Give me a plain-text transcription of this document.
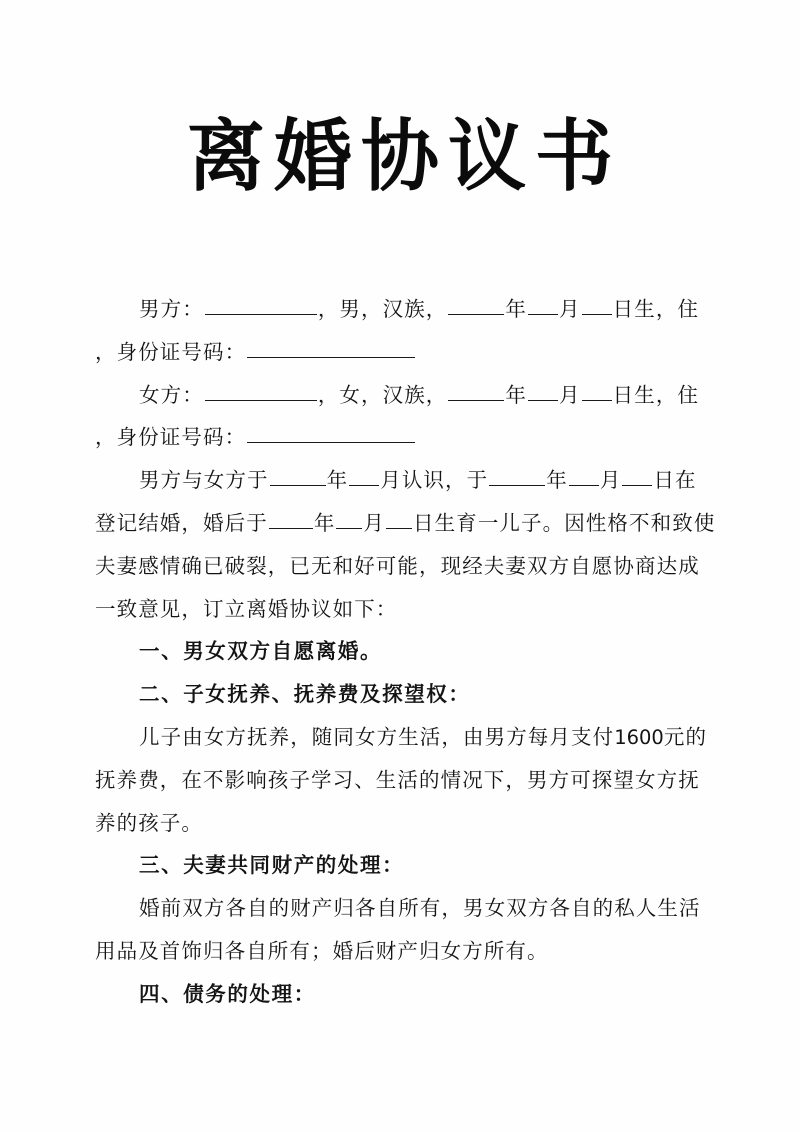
离婚协议书
男方：	，男，汉族，	年 月 日生，住
，身份证号码：
女方：	，女，汉族，	年 月 日生，住
，身份证号码：
男方与女方于	年 月认识，于	年 月 日在
登记结婚，婚后于 年 月 日生育一儿子。因性格不和致使
夫妻感情确已破裂，已无和好可能，现经夫妻双方自愿协商达成
一致意见，订立离婚协议如下：
一、男女双方自愿离婚。
二、子女抚养、抚养费及探望权：
儿子由女方抚养，随同女方生活，由男方每月支付1600元的
抚养费，在不影响孩子学习、生活的情况下，男方可探望女方抚
养的孩子。
三、夫妻共同财产的处理：
婚前双方各自的财产归各自所有，男女双方各自的私人生活
用品及首饰归各自所有；婚后财产归女方所有。
四、债务的处理：
